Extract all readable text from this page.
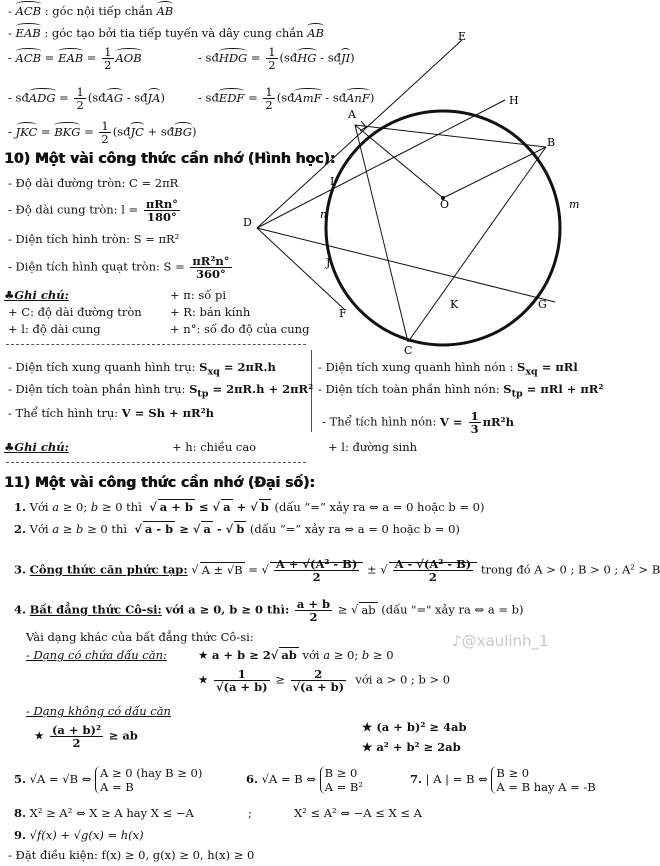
- ACB : góc nội tiếp chắn AB
- EAB : góc tạo bởi tia tiếp tuyến và dây cung chắn AB
- ACB = EAB = $\frac{1}{2}$ AOB	- sđHDG = $\frac{1}{2}$ (sđHG - sđJI)
- sđADG = $\frac{1}{2}$ (sđAG - sđJA)	- sđEDF = $\frac{1}{2}$ (sđAmF - sđAnF)
- JKC = BKG = $\frac{1}{2}$ (sđJC + sđBG)
10) Một vài công thức cần nhớ (Hình học):
- Độ dài đường tròn: C = 2πR
- Độ dài cung tròn: $l = \frac{\text{πRn°}}{180^\circ}$
- Diện tích hình tròn: S = πR²
- Diện tích hình quạt tròn: $S = \frac{\text{πR²n°}}{360^\circ}$
♣Ghi chú:	+ π: số pi
+ C: độ dài đường tròn + R: bán kính
+ l: độ dài cung	+ n°: số đo độ của cung
E
H
A
B
I
O
D
n
m
J
K	G
F
C
- Diện tích xung quanh hình trụ: $S_{xq} = 2\pi R.h$
- Diện tích toàn phần hình trụ: $S_{tp} = 2\pi R.h + 2\pi R^2$
- Thể tích hình trụ: V = Sh + πR²h
- Diện tích xung quanh hình nón : $S_{xq} = \pi Rl$
- Diện tích toàn phần hình nón: $S_{tp} = \pi Rl + \pi R^2$
- Thể tích hình nón: $V = \frac{1}{3} \pi R^2h$
♣Ghi chú:	+ h: chiều cao	+ l: đường sinh
11) Một vài công thức cần nhớ (Đại số):
1. Với a ≥ 0; b ≥ 0 thì  √ a + b ≤ √ a + √ b (dấu “=” xảy ra ⇔ a = 0 hoặc b = 0)
2. Với a ≥ b ≥ 0 thì  √ a - b ≥ √ a - √ b (dấu “=” xảy ra ⇔ a = 0 hoặc b = 0)
3. Công thức căn phức tạp: √ A ± √B = √ $\frac{\text{A + √(A² - B)}}{2}$ ± √ $\frac{\text{A - √(A² - B)}}{2}$ trong đó A > 0 ; B > 0 ; A² > B
4. Bất đẳng thức Cô-si: với a ≥ 0, b ≥ 0 thì: $\frac{a + b}{2}$ ≥ √ ab (dấu "=" xảy ra ⇔ a = b)
Vài dạng khác của bất đẳng thức Cô-si:
- Dạng có chứa dấu căn:	★ a + b ≥ 2√ ab với a ≥ 0; b ≥ 0
★ $\frac{1}{√(a + b)} \ge \frac{2}{√(a + b)}$ với a > 0 ; b > 0
- Dạng không có dấu căn
★ $\frac{\text{(a + b)²}}{2}$ ≥ ab
★ (a + b)² ≥ 4ab
★ a² + b² ≥ 2ab
5. √A = √B ⇔ A ≥ 0 (hay B ≥ 0)
A = B
6. √A = B ⇔ B ≥ 0
A = B²
7. | A | = B ⇔ B ≥ 0
A = B hay A = -B
8. X² ≥ A² ⇔ X ≥ A hay X ≤ −A	;	X² ≤ A² ⇔ −A ≤ X ≤ A
9. √f(x) + √g(x) = h(x)
- Đặt điều kiện: f(x) ≥ 0, g(x) ≥ 0, h(x) ≥ 0
♪@xaulinh_1
